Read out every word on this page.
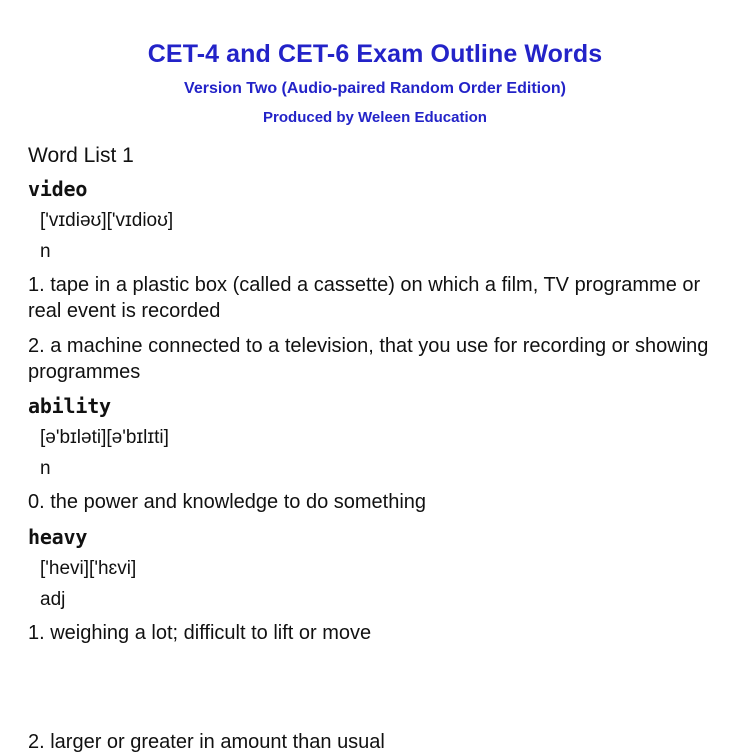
CET-4 and CET-6 Exam Outline Words
Version Two (Audio-paired Random Order Edition)
Produced by Weleen Education
Word List 1
video
['vɪdiəʊ]['vɪdioʊ]
n
1. tape in a plastic box (called a cassette) on which a film, TV programme or real event is recorded
2. a machine connected to a television, that you use for recording or showing programmes
ability
[ə'bɪləti][ə'bɪlɪti]
n
0. the power and knowledge to do something
heavy
['hevi]['hɛvi]
adj
1. weighing a lot; difficult to lift or move
2. larger or greater in amount than usual
